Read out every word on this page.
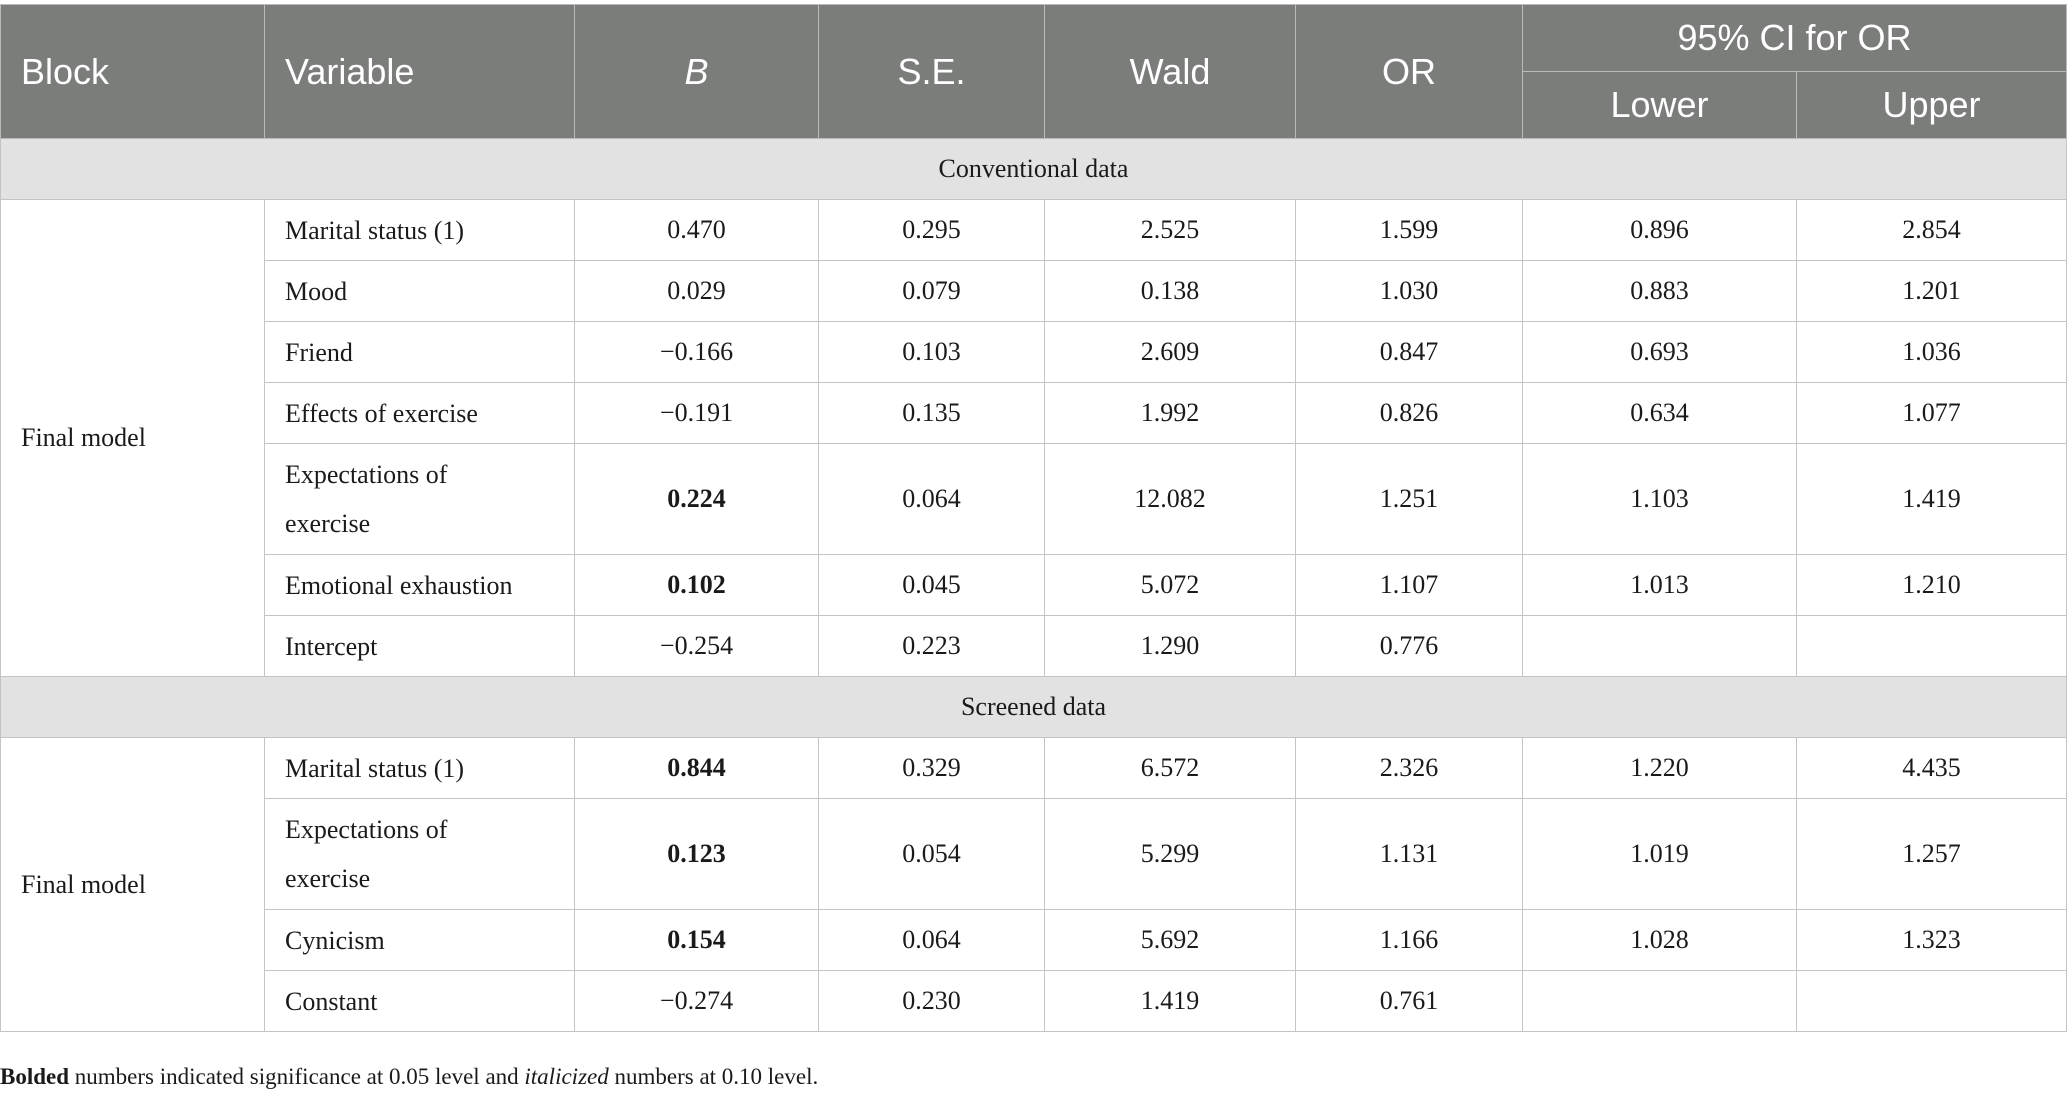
Block	Variable	B	S.E.	Wald	OR	95% CI for OR	
						Lower	Upper
Conventional data							
Final model	Marital status (1)	0.470	0.295	2.525	1.599	0.896	2.854
	Mood	0.029	0.079	0.138	1.030	0.883	1.201
	Friend	−0.166	0.103	2.609	0.847	0.693	1.036
	Effects of exercise	−0.191	0.135	1.992	0.826	0.634	1.077
	Expectations of
exercise	0.224	0.064	12.082	1.251	1.103	1.419
	Emotional exhaustion	0.102	0.045	5.072	1.107	1.013	1.210
	Intercept	−0.254	0.223	1.290	0.776		
Screened data							
Final model	Marital status (1)	0.844	0.329	6.572	2.326	1.220	4.435
	Expectations of
exercise	0.123	0.054	5.299	1.131	1.019	1.257
	Cynicism	0.154	0.064	5.692	1.166	1.028	1.323
	Constant	−0.274	0.230	1.419	0.761		
Bolded numbers indicated significance at 0.05 level and italicized numbers at 0.10 level.
